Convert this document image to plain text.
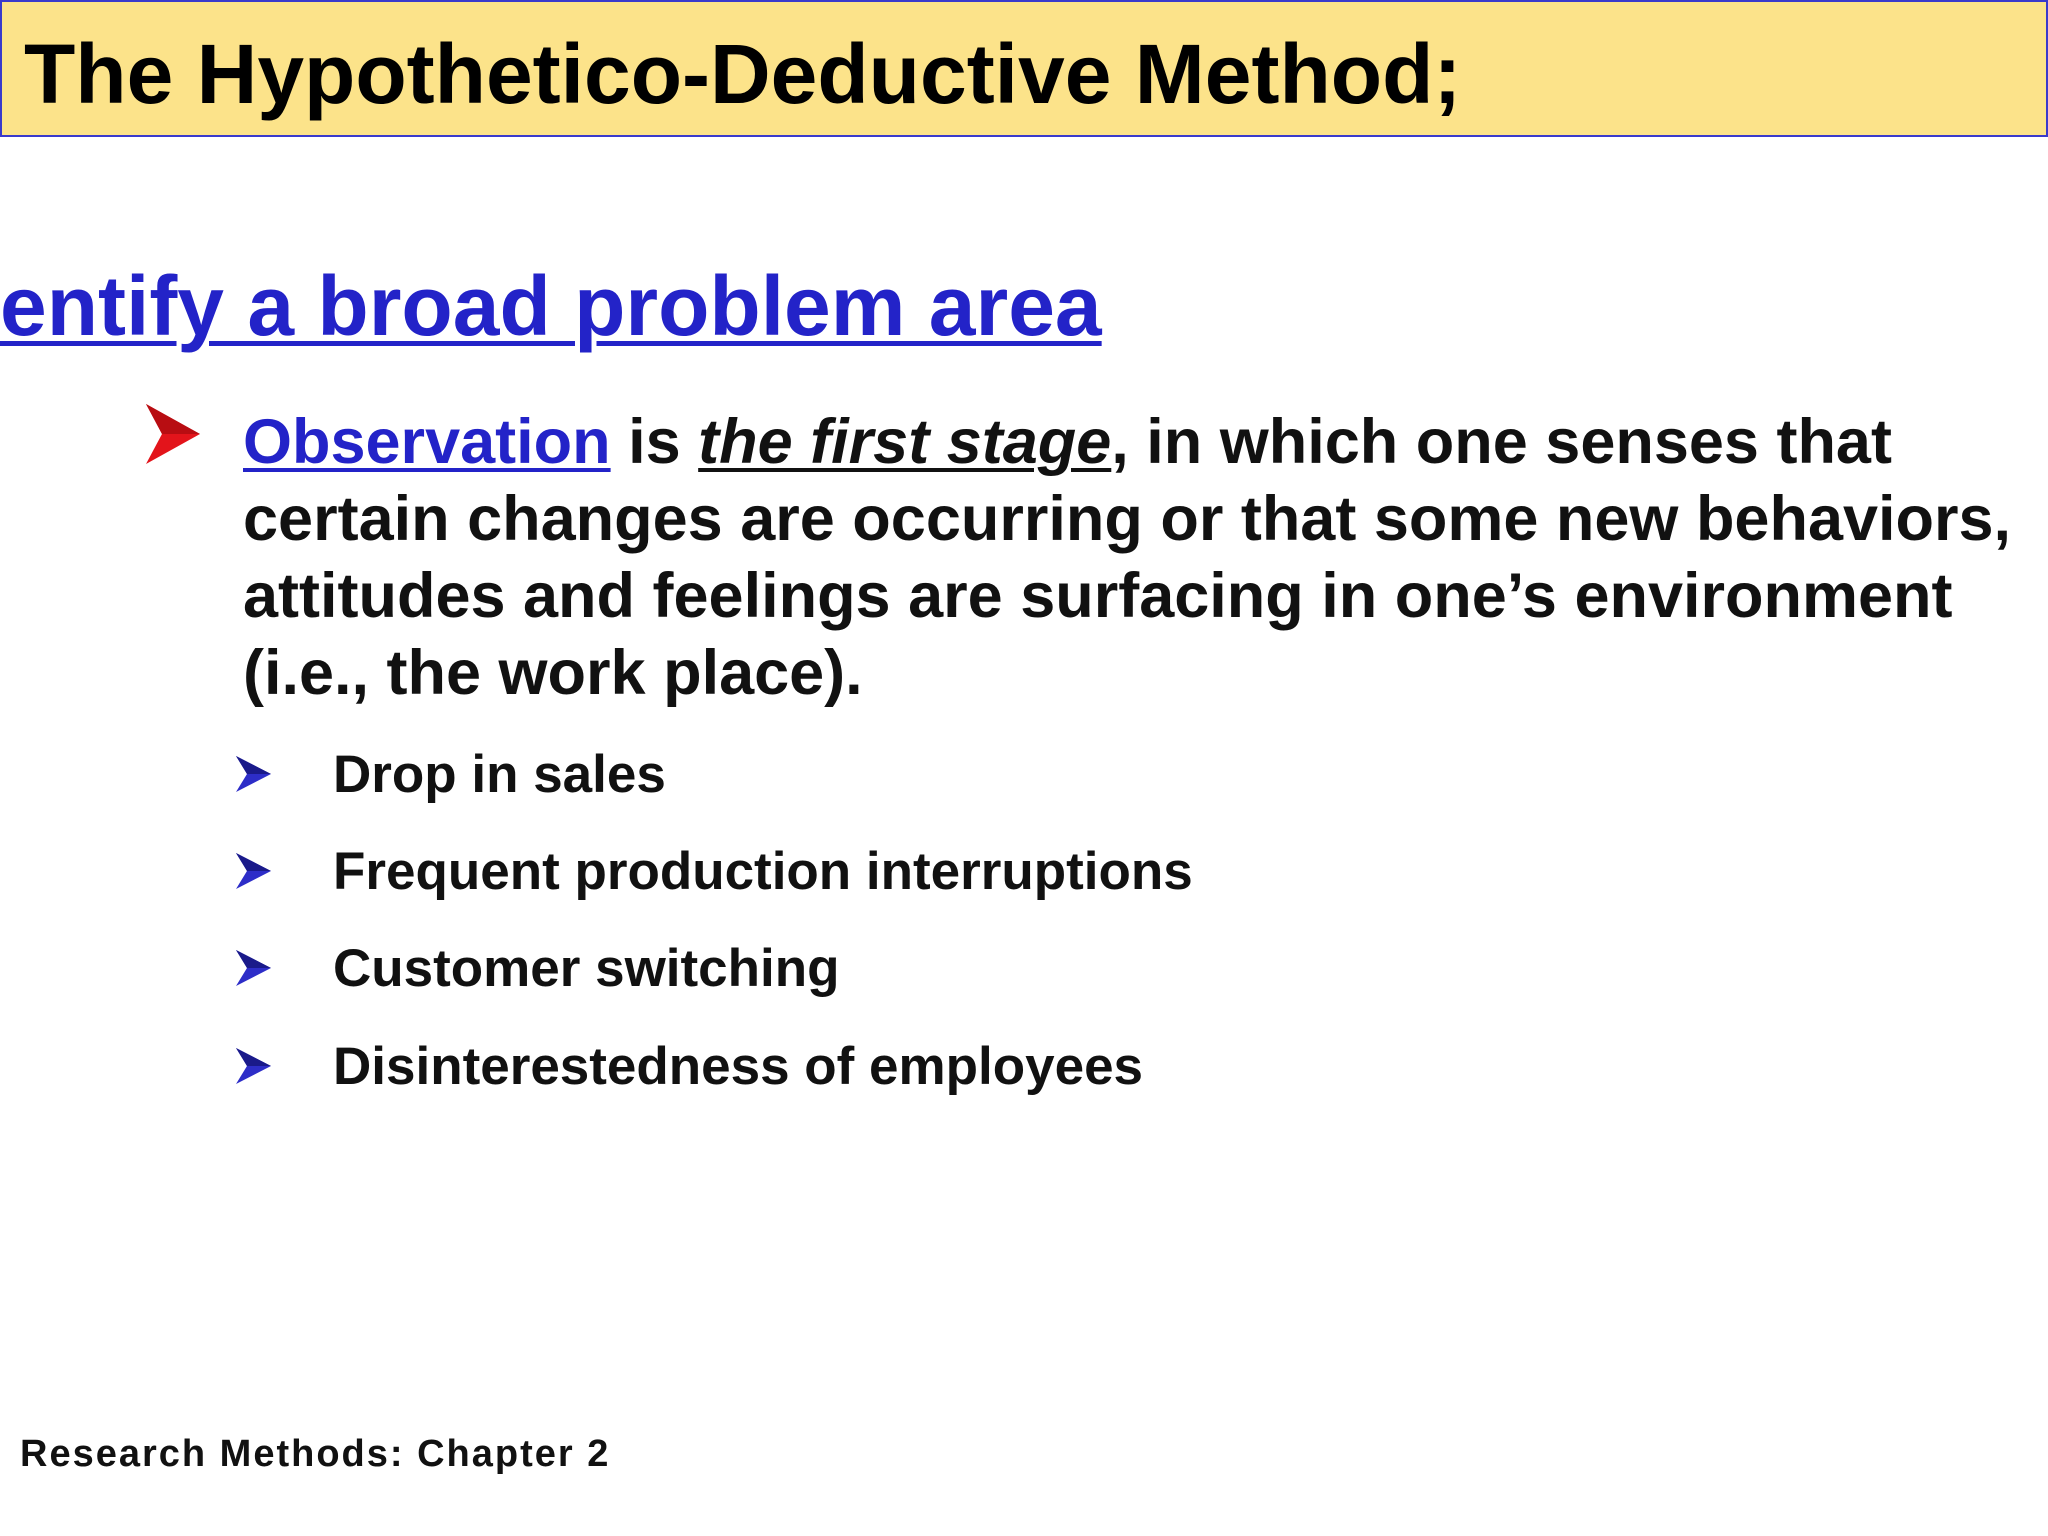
The Hypothetico-Deductive Method;
entify a broad problem area
Observation is the first stage, in which one senses that certain changes are occurring or that some new behaviors, attitudes and feelings are surfacing in one’s environment (i.e., the work place).
Drop in sales
Frequent production interruptions
Customer switching
Disinterestedness of employees
Research Methods: Chapter 2
